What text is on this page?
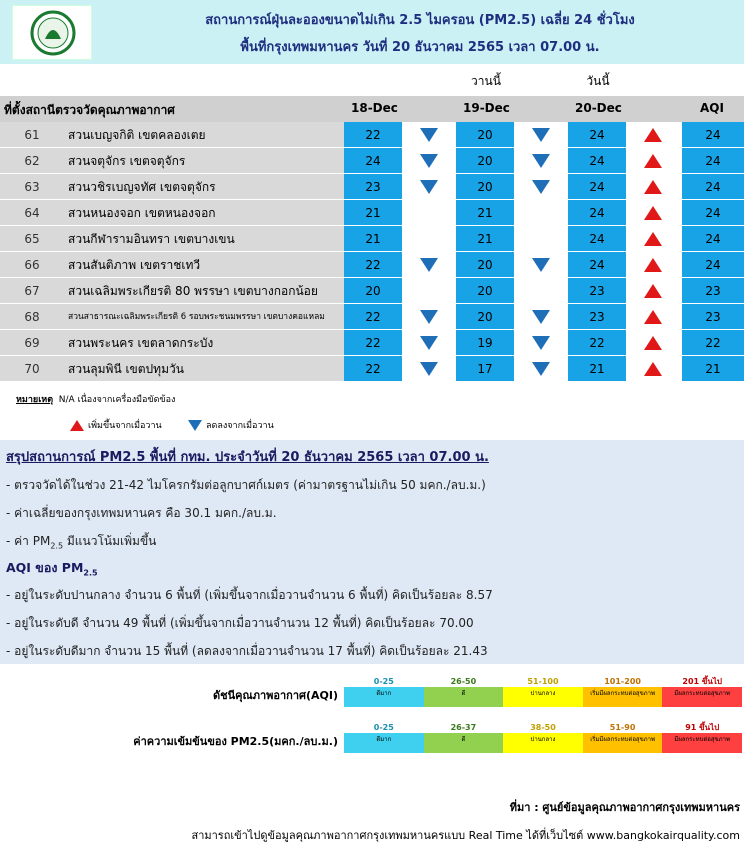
สถานการณ์ฝุ่นละอองขนาดไม่เกิน 2.5 ไมครอน (PM2.5) เฉลี่ย 24 ชั่วโมง
พื้นที่กรุงเทพมหานคร วันที่ 20 ธันวาคม 2565 เวลา 07.00 น.
วานนี้	วันนี้
ที่ตั้งสถานีตรวจวัดคุณภาพอากาศ	18-Dec	19-Dec	20-Dec	AQI
61	สวนเบญจกิติ เขตคลองเตย	22	20	24	24
62	สวนจตุจักร เขตจตุจักร	24	20	24	24
63	สวนวชิรเบญจทัศ เขตจตุจักร	23	20	24	24
64	สวนหนองจอก เขตหนองจอก	21	21	24	24
65	สวนกีฬารามอินทรา เขตบางเขน	21	21	24	24
66	สวนสันติภาพ เขตราชเทวี	22	20	24	24
67	สวนเฉลิมพระเกียรติ 80 พรรษา เขตบางกอกน้อย	20	20	23	23
68	สวนสาธารณะเฉลิมพระเกียรติ 6 รอบพระชนมพรรษา เขตบางคอแหลม	22	20	23	23
69	สวนพระนคร เขตลาดกระบัง	22	19	22	22
70	สวนลุมพินี เขตปทุมวัน	22	17	21	21
หมายเหตุ N/A เนื่องจากเครื่องมือขัดข้อง
เพิ่มขึ้นจากเมื่อวาน	ลดลงจากเมื่อวาน
สรุปสถานการณ์ PM2.5 พื้นที่ กทม. ประจำวันที่ 20 ธันวาคม 2565 เวลา 07.00 น.
- ตรวจวัดได้ในช่วง 21-42 ไมโครกรัมต่อลูกบาศก์เมตร (ค่ามาตรฐานไม่เกิน 50 มคก./ลบ.ม.)
- ค่าเฉลี่ยของกรุงเทพมหานคร คือ 30.1 มคก./ลบ.ม.
- ค่า $PM_{2.5}$ มีแนวโน้มเพิ่มขึ้น
AQI ของ $PM_{2.5}$
- อยู่ในระดับปานกลาง จำนวน 6 พื้นที่ (เพิ่มขึ้นจากเมื่อวานจำนวน 6 พื้นที่) คิดเป็นร้อยละ 8.57
- อยู่ในระดับดี จำนวน 49 พื้นที่ (เพิ่มขึ้นจากเมื่อวานจำนวน 12 พื้นที่) คิดเป็นร้อยละ 70.00
- อยู่ในระดับดีมาก จำนวน 15 พื้นที่ (ลดลงจากเมื่อวานจำนวน 17 พื้นที่) คิดเป็นร้อยละ 21.43
ดัชนีคุณภาพอากาศ(AQI)
0-25
ดีมาก
26-50
ดี
51-100
ปานกลาง
101-200
เริ่มมีผลกระทบต่อสุขภาพ
201 ขึ้นไป
มีผลกระทบต่อสุขภาพ
ค่าความเข้มข้นของ PM2.5(มคก./ลบ.ม.)
0-25
ดีมาก
26-37
ดี
38-50
ปานกลาง
51-90
เริ่มมีผลกระทบต่อสุขภาพ
91 ขึ้นไป
มีผลกระทบต่อสุขภาพ
ที่มา : ศูนย์ข้อมูลคุณภาพอากาศกรุงเทพมหานคร
สามารถเข้าไปดูข้อมูลคุณภาพอากาศกรุงเทพมหานครแบบ Real Time ได้ที่เว็บไซต์ www.bangkokairquality.com
